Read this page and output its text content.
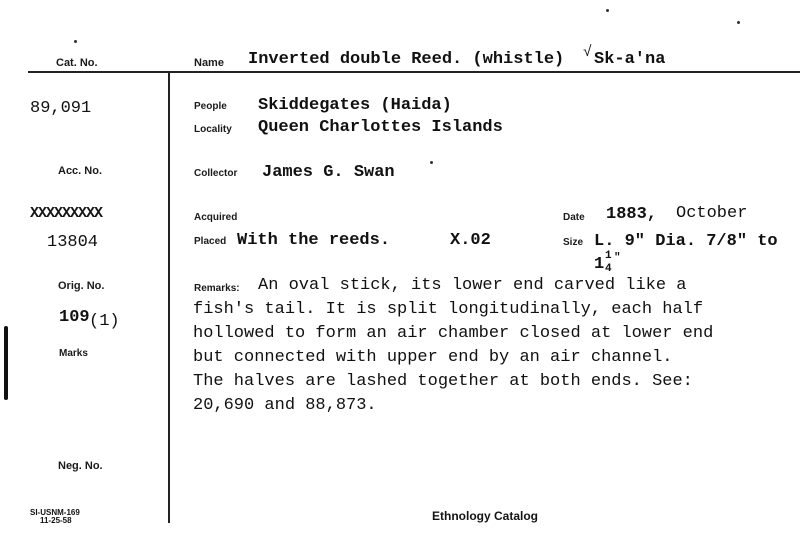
Cat. No.	Name Inverted double Reed. (whistle) √ Sk-a'na
89,091
Acc. No.
XXXXXXXXX
13804
Orig. No.
109 (1)
Marks
Neg. No.
SI-USNM-169
11-25-58
People Skiddegates (Haida)
Locality Queen Charlottes Islands
Collector James G. Swan
Acquired
Placed With the reeds.	X.02
Date 1883, October
Size L. 9" Dia. 7/8" to
1 1
4
"
Remarks: An oval stick, its lower end carved like a
fish's tail. It is split longitudinally, each half
hollowed to form an air chamber closed at lower end
but connected with upper end by an air channel.
The halves are lashed together at both ends. See:
20,690 and 88,873.
Ethnology Catalog
